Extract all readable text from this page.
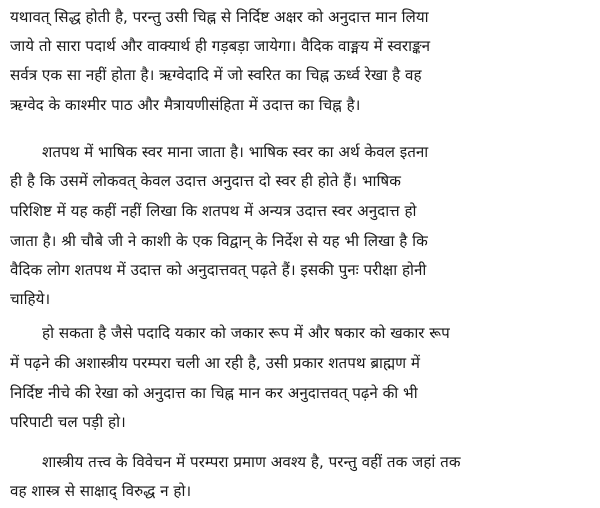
यथावत् सिद्ध होती है, परन्तु उसी चिह्न से निर्दिष्ट अक्षर को अनुदात्त मान लिया
जाये तो सारा पदार्थ और वाक्यार्थ ही गड़बड़ा जायेगा। वैदिक वाङ्मय में स्वराङ्कन
सर्वत्र एक सा नहीं होता है। ऋग्वेदादि में जो स्वरित का चिह्न ऊर्ध्व रेखा है वह
ऋग्वेद के काश्मीर पाठ और मैत्रायणीसंहिता में उदात्त का चिह्न है।
शतपथ में भाषिक स्वर माना जाता है। भाषिक स्वर का अर्थ केवल इतना
ही है कि उसमें लोकवत् केवल उदात्त अनुदात्त दो स्वर ही होते हैं। भाषिक
परिशिष्ट में यह कहीं नहीं लिखा कि शतपथ में अन्यत्र उदात्त स्वर अनुदात्त हो
जाता है। श्री चौबे जी ने काशी के एक विद्वान् के निर्देश से यह भी लिखा है कि
वैदिक लोग शतपथ में उदात्त को अनुदात्तवत् पढ़ते हैं। इसकी पुनः परीक्षा होनी
चाहिये।
हो सकता है जैसे पदादि यकार को जकार रूप में और षकार को खकार रूप
में पढ़ने की अशास्त्रीय परम्परा चली आ रही है, उसी प्रकार शतपथ ब्राह्मण में
निर्दिष्ट नीचे की रेखा को अनुदात्त का चिह्न मान कर अनुदात्तवत् पढ़ने की भी
परिपाटी चल पड़ी हो।
शास्त्रीय तत्त्व के विवेचन में परम्परा प्रमाण अवश्य है, परन्तु वहीं तक जहां तक
वह शास्त्र से साक्षाद् विरुद्ध न हो।
